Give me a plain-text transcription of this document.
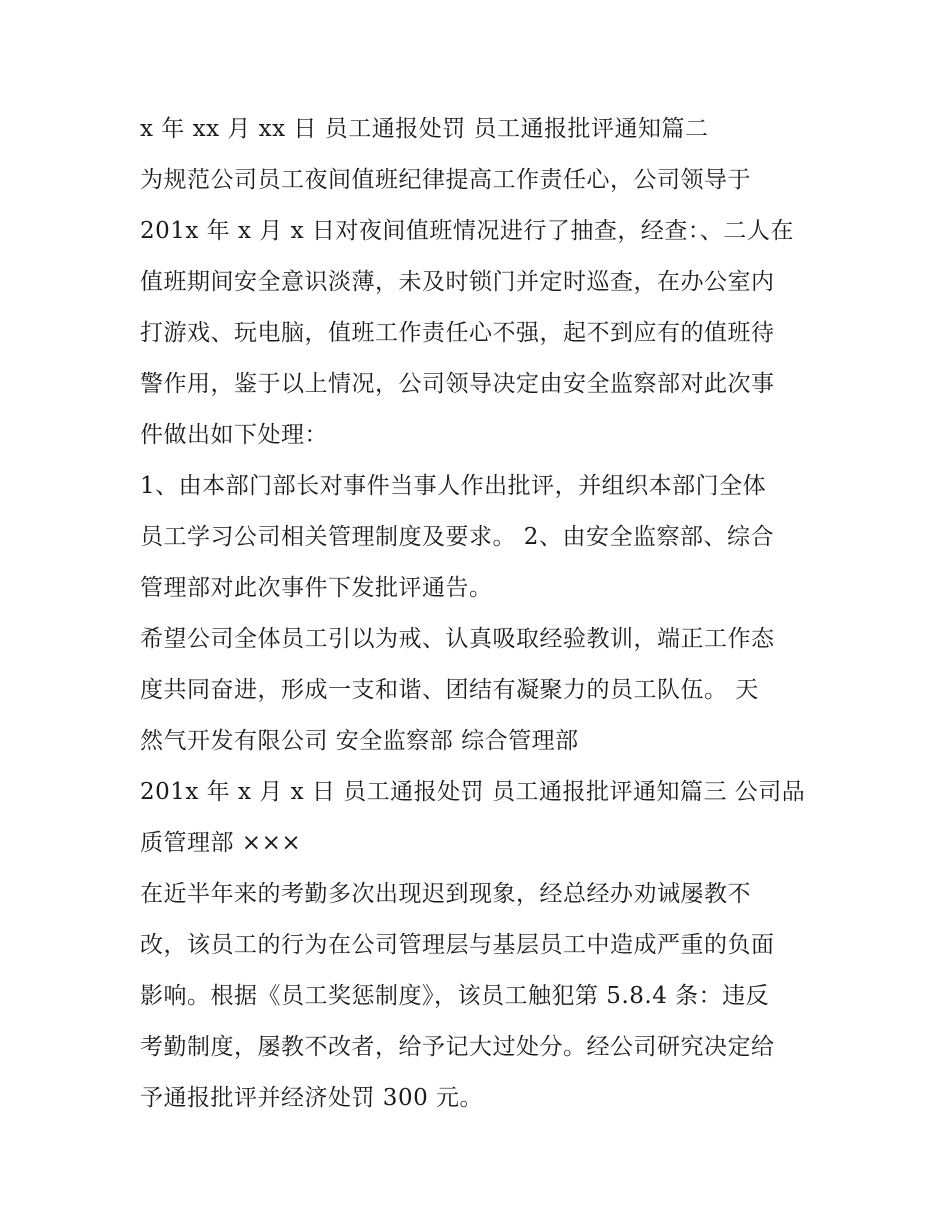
x 年 xx 月 xx 日 员工通报处罚 员工通报批评通知篇二
为规范公司员工夜间值班纪律提高工作责任心，公司领导于
201x 年 x 月 x 日对夜间值班情况进行了抽查，经查：、二人在
值班期间安全意识淡薄，未及时锁门并定时巡查，在办公室内
打游戏、玩电脑，值班工作责任心不强，起不到应有的值班待
警作用，鉴于以上情况，公司领导决定由安全监察部对此次事
件做出如下处理：
1、由本部门部长对事件当事人作出批评，并组织本部门全体
员工学习公司相关管理制度及要求。 2、由安全监察部、综合
管理部对此次事件下发批评通告。
希望公司全体员工引以为戒、认真吸取经验教训，端正工作态
度共同奋进，形成一支和谐、团结有凝聚力的员工队伍。 天
然气开发有限公司 安全监察部 综合管理部
201x 年 x 月 x 日 员工通报处罚 员工通报批评通知篇三 公司品
质管理部 ×××
在近半年来的考勤多次出现迟到现象，经总经办劝诫屡教不
改，该员工的行为在公司管理层与基层员工中造成严重的负面
影响。根据《员工奖惩制度》，该员工触犯第 5.8.4 条：违反
考勤制度，屡教不改者，给予记大过处分。经公司研究决定给
予通报批评并经济处罚 300 元。
